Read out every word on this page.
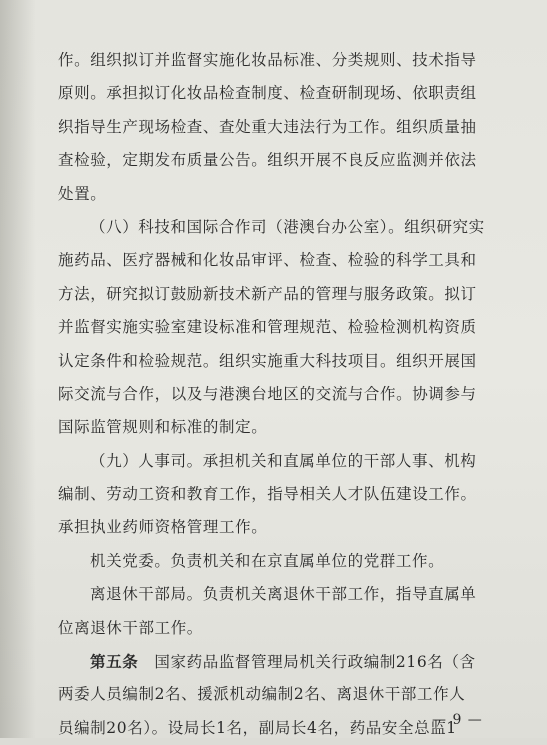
作。组织拟订并监督实施化妆品标准、分类规则、技术指导
原则。承担拟订化妆品检查制度、检查研制现场、依职责组
织指导生产现场检查、查处重大违法行为工作。组织质量抽
查检验，定期发布质量公告。组织开展不良反应监测并依法
处置。
（八）科技和国际合作司（港澳台办公室）。组织研究实
施药品、医疗器械和化妆品审评、检查、检验的科学工具和
方法，研究拟订鼓励新技术新产品的管理与服务政策。拟订
并监督实施实验室建设标准和管理规范、检验检测机构资质
认定条件和检验规范。组织实施重大科技项目。组织开展国
际交流与合作，以及与港澳台地区的交流与合作。协调参与
国际监管规则和标准的制定。
（九）人事司。承担机关和直属单位的干部人事、机构
编制、劳动工资和教育工作，指导相关人才队伍建设工作。
承担执业药师资格管理工作。
机关党委。负责机关和在京直属单位的党群工作。
离退休干部局。负责机关离退休干部工作，指导直属单
位离退休干部工作。
第五条　国家药品监督管理局机关行政编制216名（含
两委人员编制2名、援派机动编制2名、离退休干部工作人
员编制20名）。设局长1名，副局长4名，药品安全总监1
— 9 —
